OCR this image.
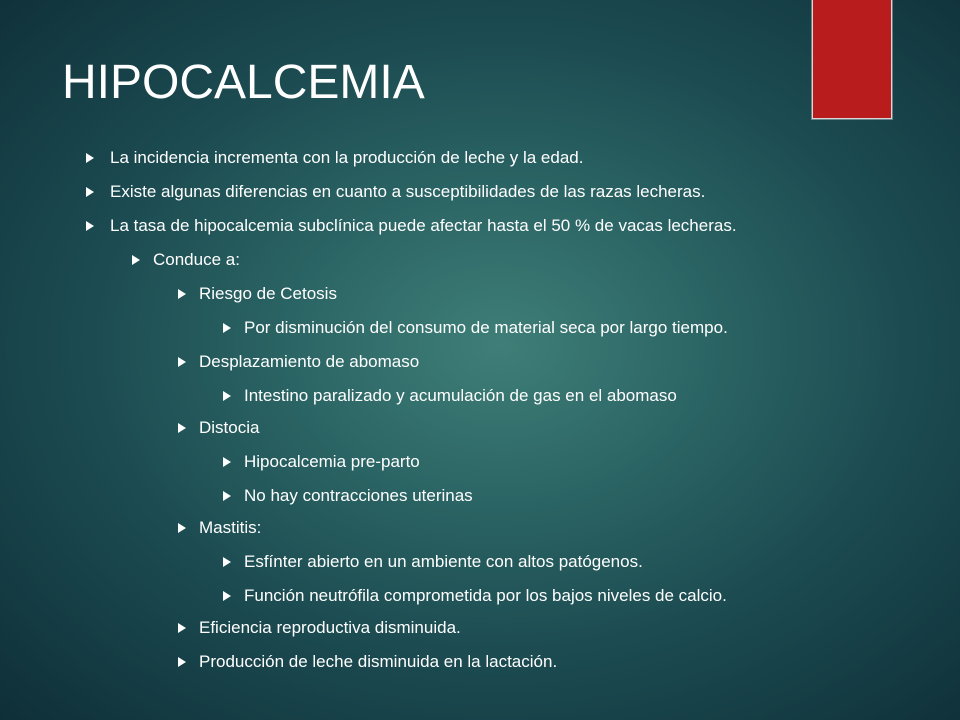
HIPOCALCEMIA
La incidencia incrementa con la producción de leche y la edad.
Existe algunas diferencias en cuanto a susceptibilidades de las razas lecheras.
La tasa de hipocalcemia subclínica puede afectar hasta el 50 % de vacas lecheras.
Conduce a:
Riesgo de Cetosis
Por disminución del consumo de material seca por largo tiempo.
Desplazamiento de abomaso
Intestino paralizado y acumulación de gas en el abomaso
Distocia
Hipocalcemia pre-parto
No hay contracciones uterinas
Mastitis:
Esfínter abierto en un ambiente con altos patógenos.
Función neutrófila comprometida por los bajos niveles de calcio.
Eficiencia reproductiva disminuida.
Producción de leche disminuida en la lactación.
